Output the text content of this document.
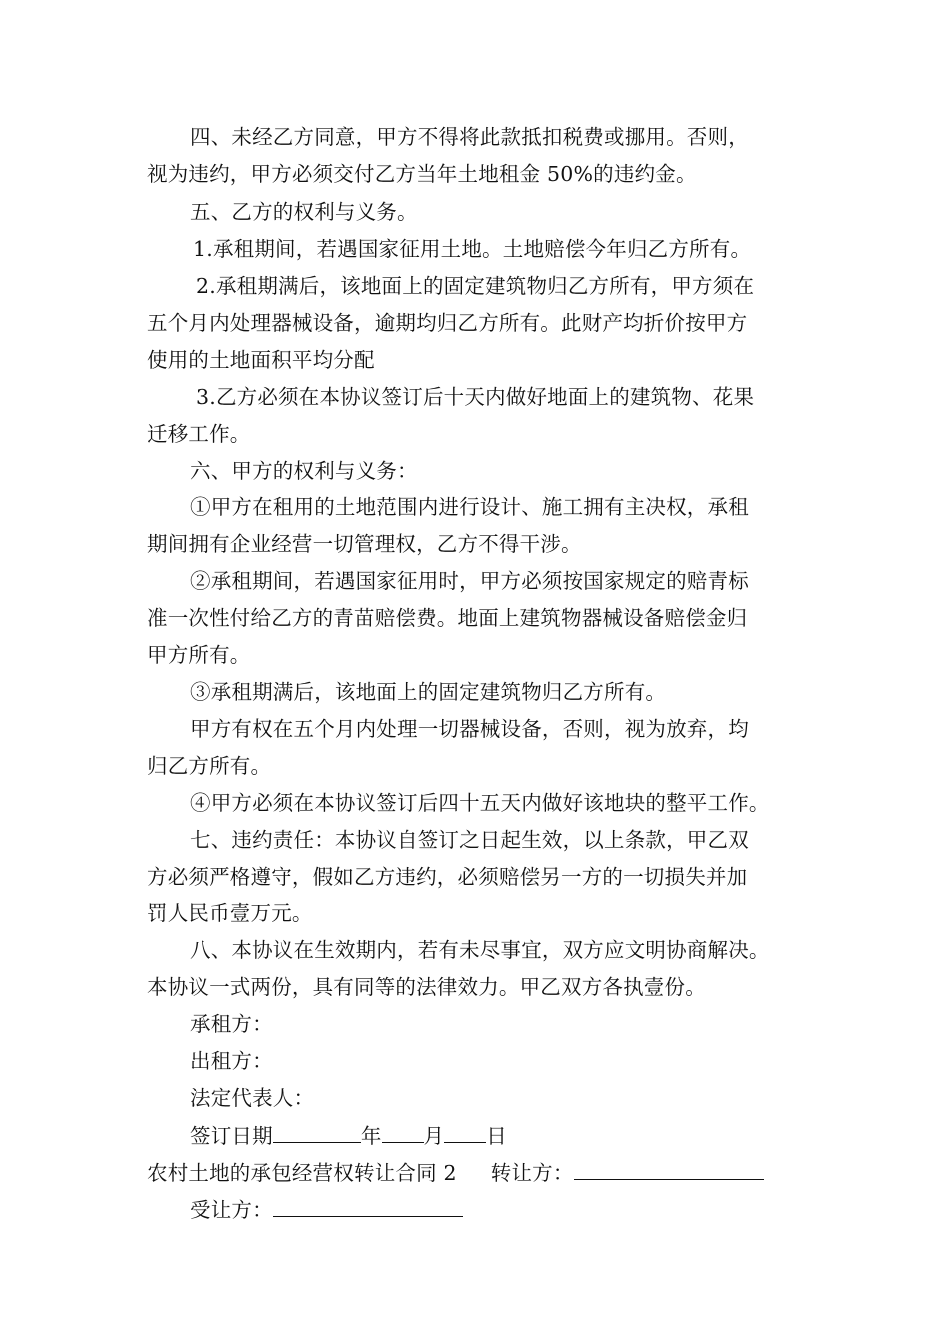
四、未经乙方同意，甲方不得将此款抵扣税费或挪用。否则，
视为违约，甲方必须交付乙方当年土地租金 50%的违约金。
五、乙方的权利与义务。
1.承租期间，若遇国家征用土地。土地赔偿今年归乙方所有。
2.承租期满后，该地面上的固定建筑物归乙方所有，甲方须在
五个月内处理器械设备，逾期均归乙方所有。此财产均折价按甲方
使用的土地面积平均分配
3.乙方必须在本协议签订后十天内做好地面上的建筑物、花果
迁移工作。
六、甲方的权利与义务：
①甲方在租用的土地范围内进行设计、施工拥有主决权，承租
期间拥有企业经营一切管理权，乙方不得干涉。
②承租期间，若遇国家征用时，甲方必须按国家规定的赔青标
准一次性付给乙方的青苗赔偿费。地面上建筑物器械设备赔偿金归
甲方所有。
③承租期满后，该地面上的固定建筑物归乙方所有。
甲方有权在五个月内处理一切器械设备，否则，视为放弃，均
归乙方所有。
④甲方必须在本协议签订后四十五天内做好该地块的整平工作。
七、违约责任：本协议自签订之日起生效，以上条款，甲乙双
方必须严格遵守，假如乙方违约，必须赔偿另一方的一切损失并加
罚人民币壹万元。
八、本协议在生效期内，若有未尽事宜，双方应文明协商解决。
本协议一式两份，具有同等的法律效力。甲乙双方各执壹份。
承租方：
出租方：
法定代表人：
签订日期	年 月 日
农村土地的承包经营权转让合同 2 转让方：
受让方：
